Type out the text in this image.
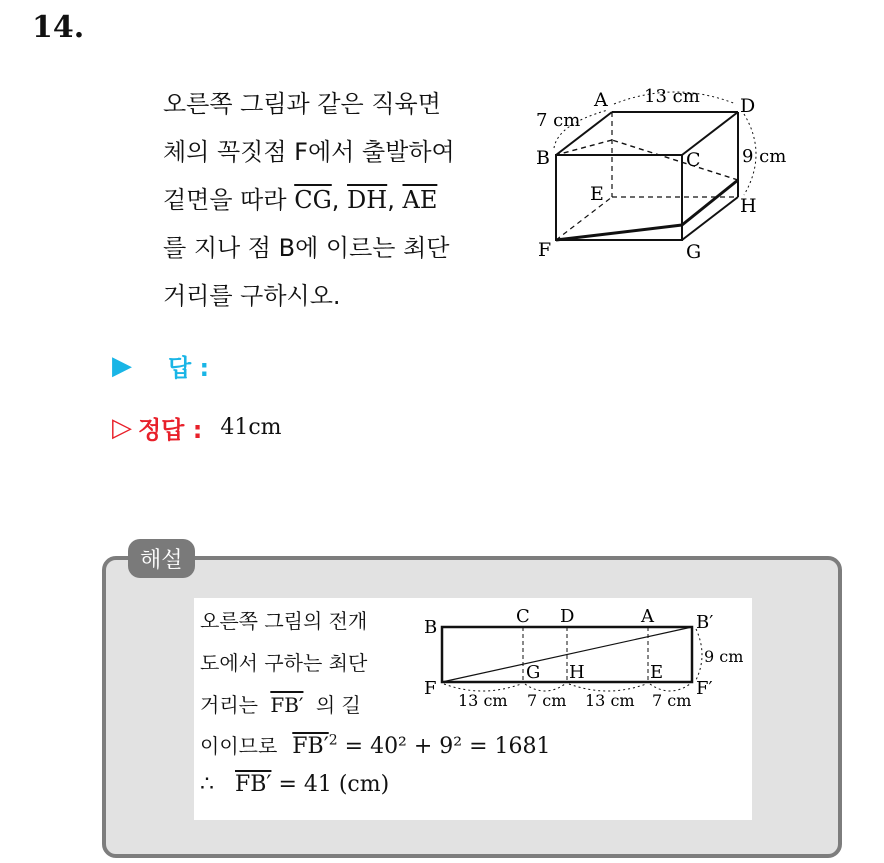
14.
오른쪽 그림과 같은 직육면
체의 꼭짓점 F에서 출발하여
겉면을 따라 $\overline{CG}$, $\overline{DH}$, $\overline{AE}$
를 지나 점 B에 이르는 최단
거리를 구하시오.
A
B	C
D
E
F	G
H
7 cm
13 cm
9 cm
▶	답 :
▷ 정답 : 41cm
해설
오른쪽 그림의 전개
도에서 구하는 최단
거리는 FB′ 의 길
B
C D	A B′
F
G H	E
F′
13 cm 7 cm 13 cm 7 cm
9 cm
이이므로 $FB'^2 = 40^2 + 9^2 = 1681$
∴ FB′ = 41 (cm)
